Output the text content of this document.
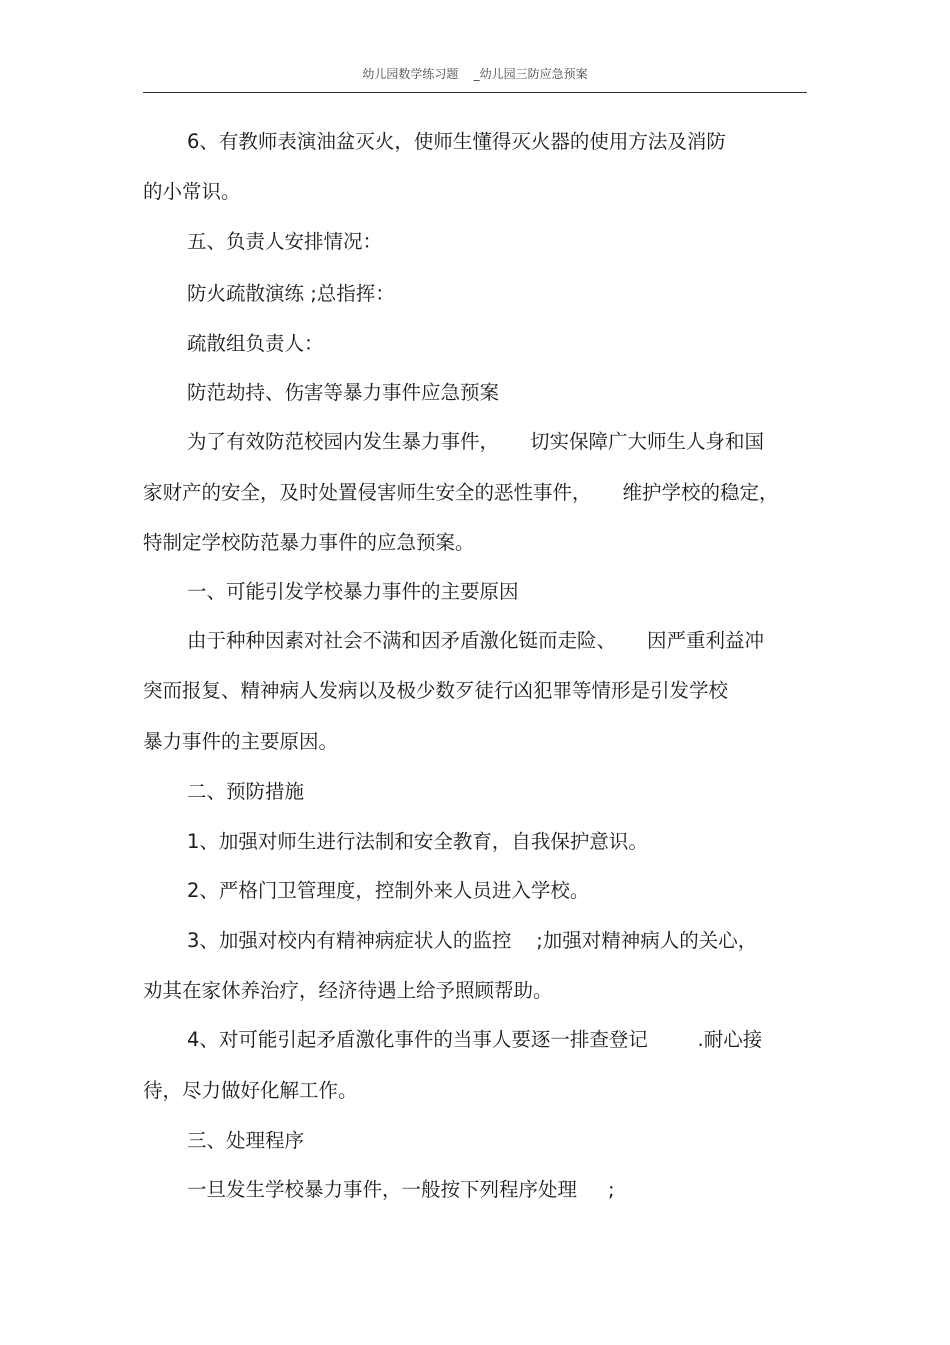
幼儿园数学练习题 _幼儿园三防应急预案
6、有教师表演油盆灭火，使师生懂得灭火器的使用方法及消防
的小常识。
五、负责人安排情况：
防火疏散演练 ;总指挥：
疏散组负责人：
防范劫持、伤害等暴力事件应急预案
为了有效防范校园内发生暴力事件，     切实保障广大师生人身和国
家财产的安全，及时处置侵害师生安全的恶性事件，     维护学校的稳定，
特制定学校防范暴力事件的应急预案。
一、可能引发学校暴力事件的主要原因
由于种种因素对社会不满和因矛盾激化铤而走险、     因严重利益冲
突而报复、精神病人发病以及极少数歹徒行凶犯罪等情形是引发学校
暴力事件的主要原因。
二、预防措施
1、加强对师生进行法制和安全教育，自我保护意识。
2、严格门卫管理度，控制外来人员进入学校。
3、加强对校内有精神病症状人的监控    ;加强对精神病人的关心，
劝其在家休养治疗，经济待遇上给予照顾帮助。
4、对可能引起矛盾激化事件的当事人要逐一排查登记        .耐心接
待，尽力做好化解工作。
三、处理程序
一旦发生学校暴力事件，一般按下列程序处理     ;
